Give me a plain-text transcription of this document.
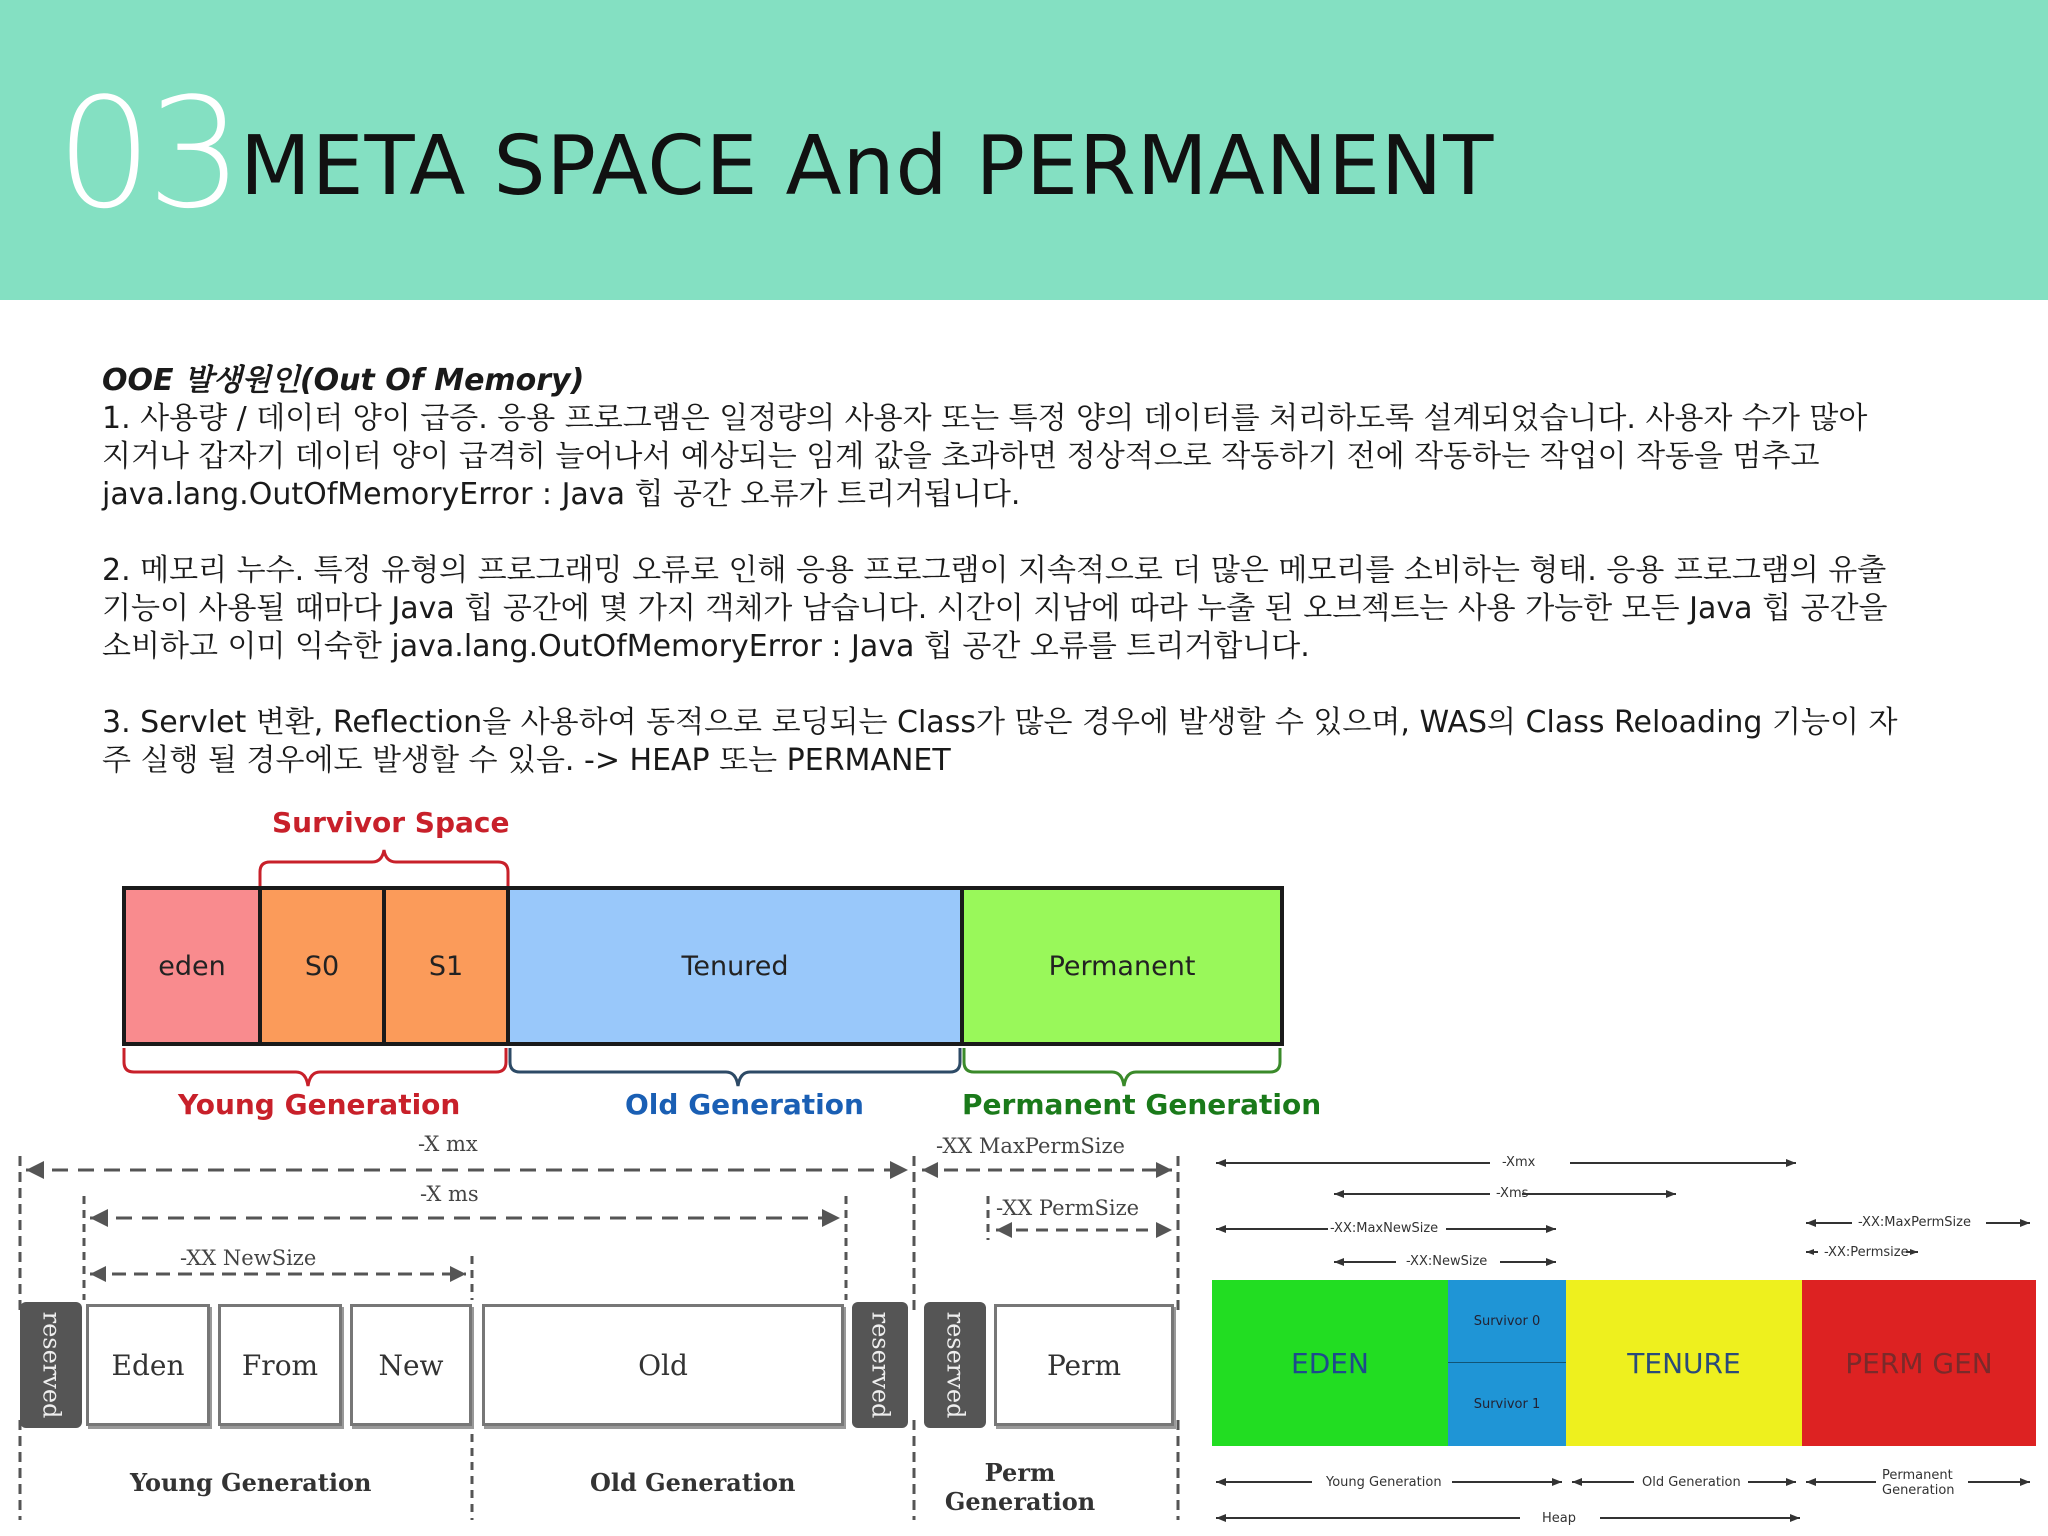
03 META SPACE And PERMANENT

OOE 발생원인(Out Of Memory)

1. 사용량 / 데이터 양이 급증. 응용 프로그램은 일정량의 사용자 또는 특정 양의 데이터를 처리하도록 설계되었습니다. 사용자 수가 많아 지거나 갑자기 데이터 양이 급격히 늘어나서 예상되는 임계 값을 초과하면 정상적으로 작동하기 전에 작동하는 작업이 작동을 멈추고 java.lang.OutOfMemoryError : Java 힙 공간 오류가 트리거됩니다.

2. 메모리 누수. 특정 유형의 프로그래밍 오류로 인해 응용 프로그램이 지속적으로 더 많은 메모리를 소비하는 형태. 응용 프로그램의 유출 기능이 사용될 때마다 Java 힙 공간에 몇 가지 객체가 남습니다. 시간이 지남에 따라 누출 된 오브젝트는 사용 가능한 모든 Java 힙 공간을 소비하고 이미 익숙한 java.lang.OutOfMemoryError : Java 힙 공간 오류를 트리거합니다.

3. Servlet 변환, Reflection을 사용하여 동적으로 로딩되는 Class가 많은 경우에 발생할 수 있으며, WAS의 Class Reloading 기능이 자주 실행 될 경우에도 발생할 수 있음. -> HEAP 또는 PERMANET

Survivor Space
eden	S0	S1	Tenured	Permanent
Young Generation	Old Generation	Permanent Generation
-X mx
-X ms
-XX NewSize
-XX MaxPermSize
-XX PermSize
reserved	Eden	From	New	Old	reserved reserved	Perm
Young Generation	Old Generation	Perm
Generation
-Xmx
-Xms
-XX:MaxNewSize
-XX:NewSize
-XX:MaxPermSize
-XX:Permsize
EDEN
Survivor 0
Survivor 1
TENURE	PERM GEN
Young Generation	Old Generation	Permanent
Generation
Heap
